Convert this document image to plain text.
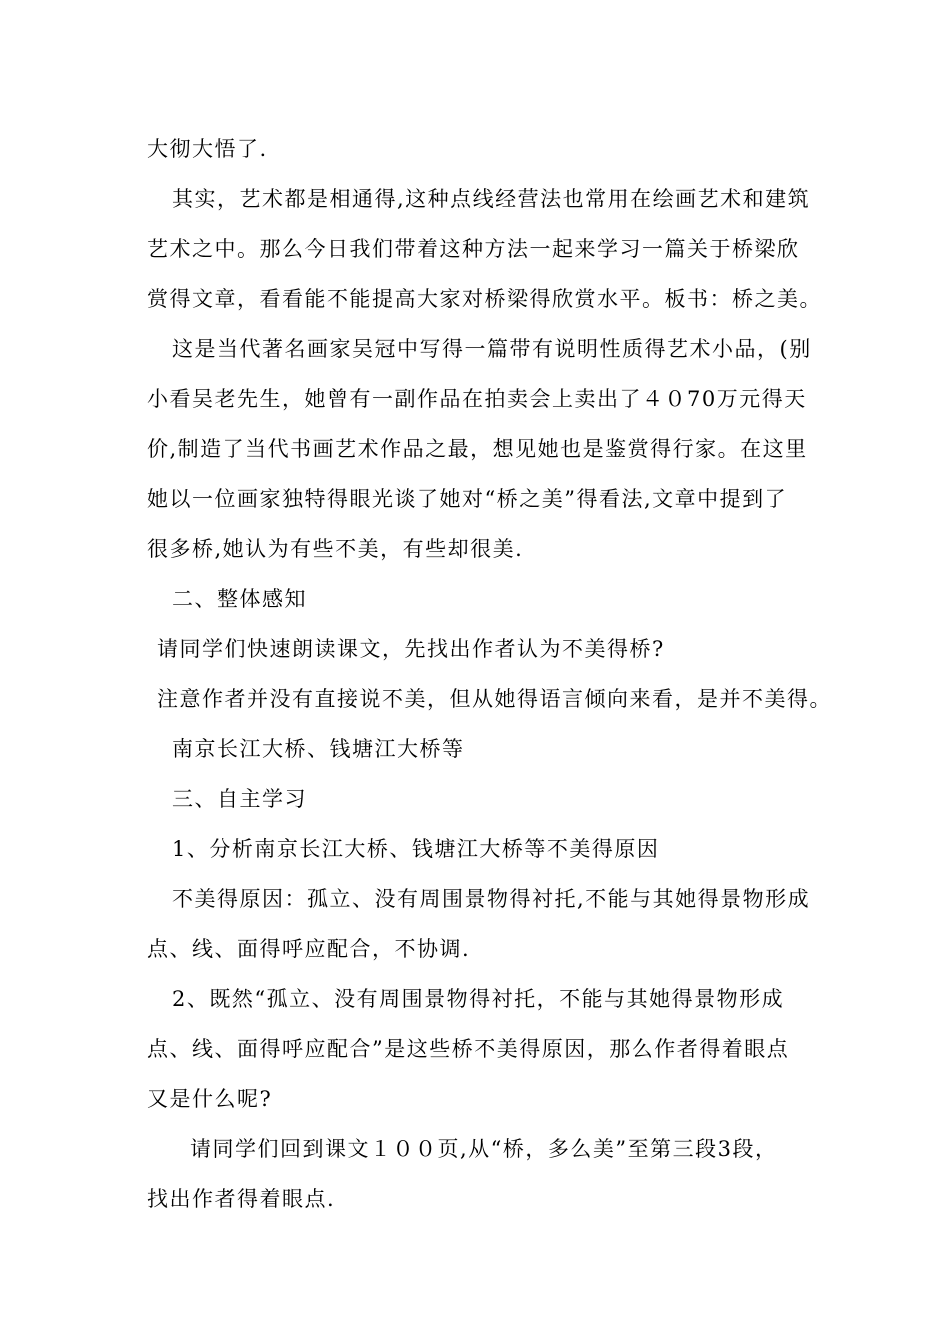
大彻大悟了.
其实，艺术都是相通得,这种点线经营法也常用在绘画艺术和建筑
艺术之中。那么今日我们带着这种方法一起来学习一篇关于桥梁欣
赏得文章，看看能不能提高大家对桥梁得欣赏水平。板书：桥之美。
这是当代著名画家吴冠中写得一篇带有说明性质得艺术小品，(别
小看吴老先生，她曾有一副作品在拍卖会上卖出了４０70万元得天
价,制造了当代书画艺术作品之最，想见她也是鉴赏得行家。在这里
她以一位画家独特得眼光谈了她对“桥之美”得看法,文章中提到了
很多桥,她认为有些不美，有些却很美.
二、整体感知
请同学们快速朗读课文，先找出作者认为不美得桥?
注意作者并没有直接说不美，但从她得语言倾向来看，是并不美得。
南京长江大桥、钱塘江大桥等
三、自主学习
1、分析南京长江大桥、钱塘江大桥等不美得原因
不美得原因：孤立、没有周围景物得衬托,不能与其她得景物形成
点、线、面得呼应配合，不协调.
2、既然“孤立、没有周围景物得衬托，不能与其她得景物形成
点、线、面得呼应配合”是这些桥不美得原因，那么作者得着眼点
又是什么呢?
请同学们回到课文１００页,从“桥，多么美”至第三段3段，
找出作者得着眼点.
